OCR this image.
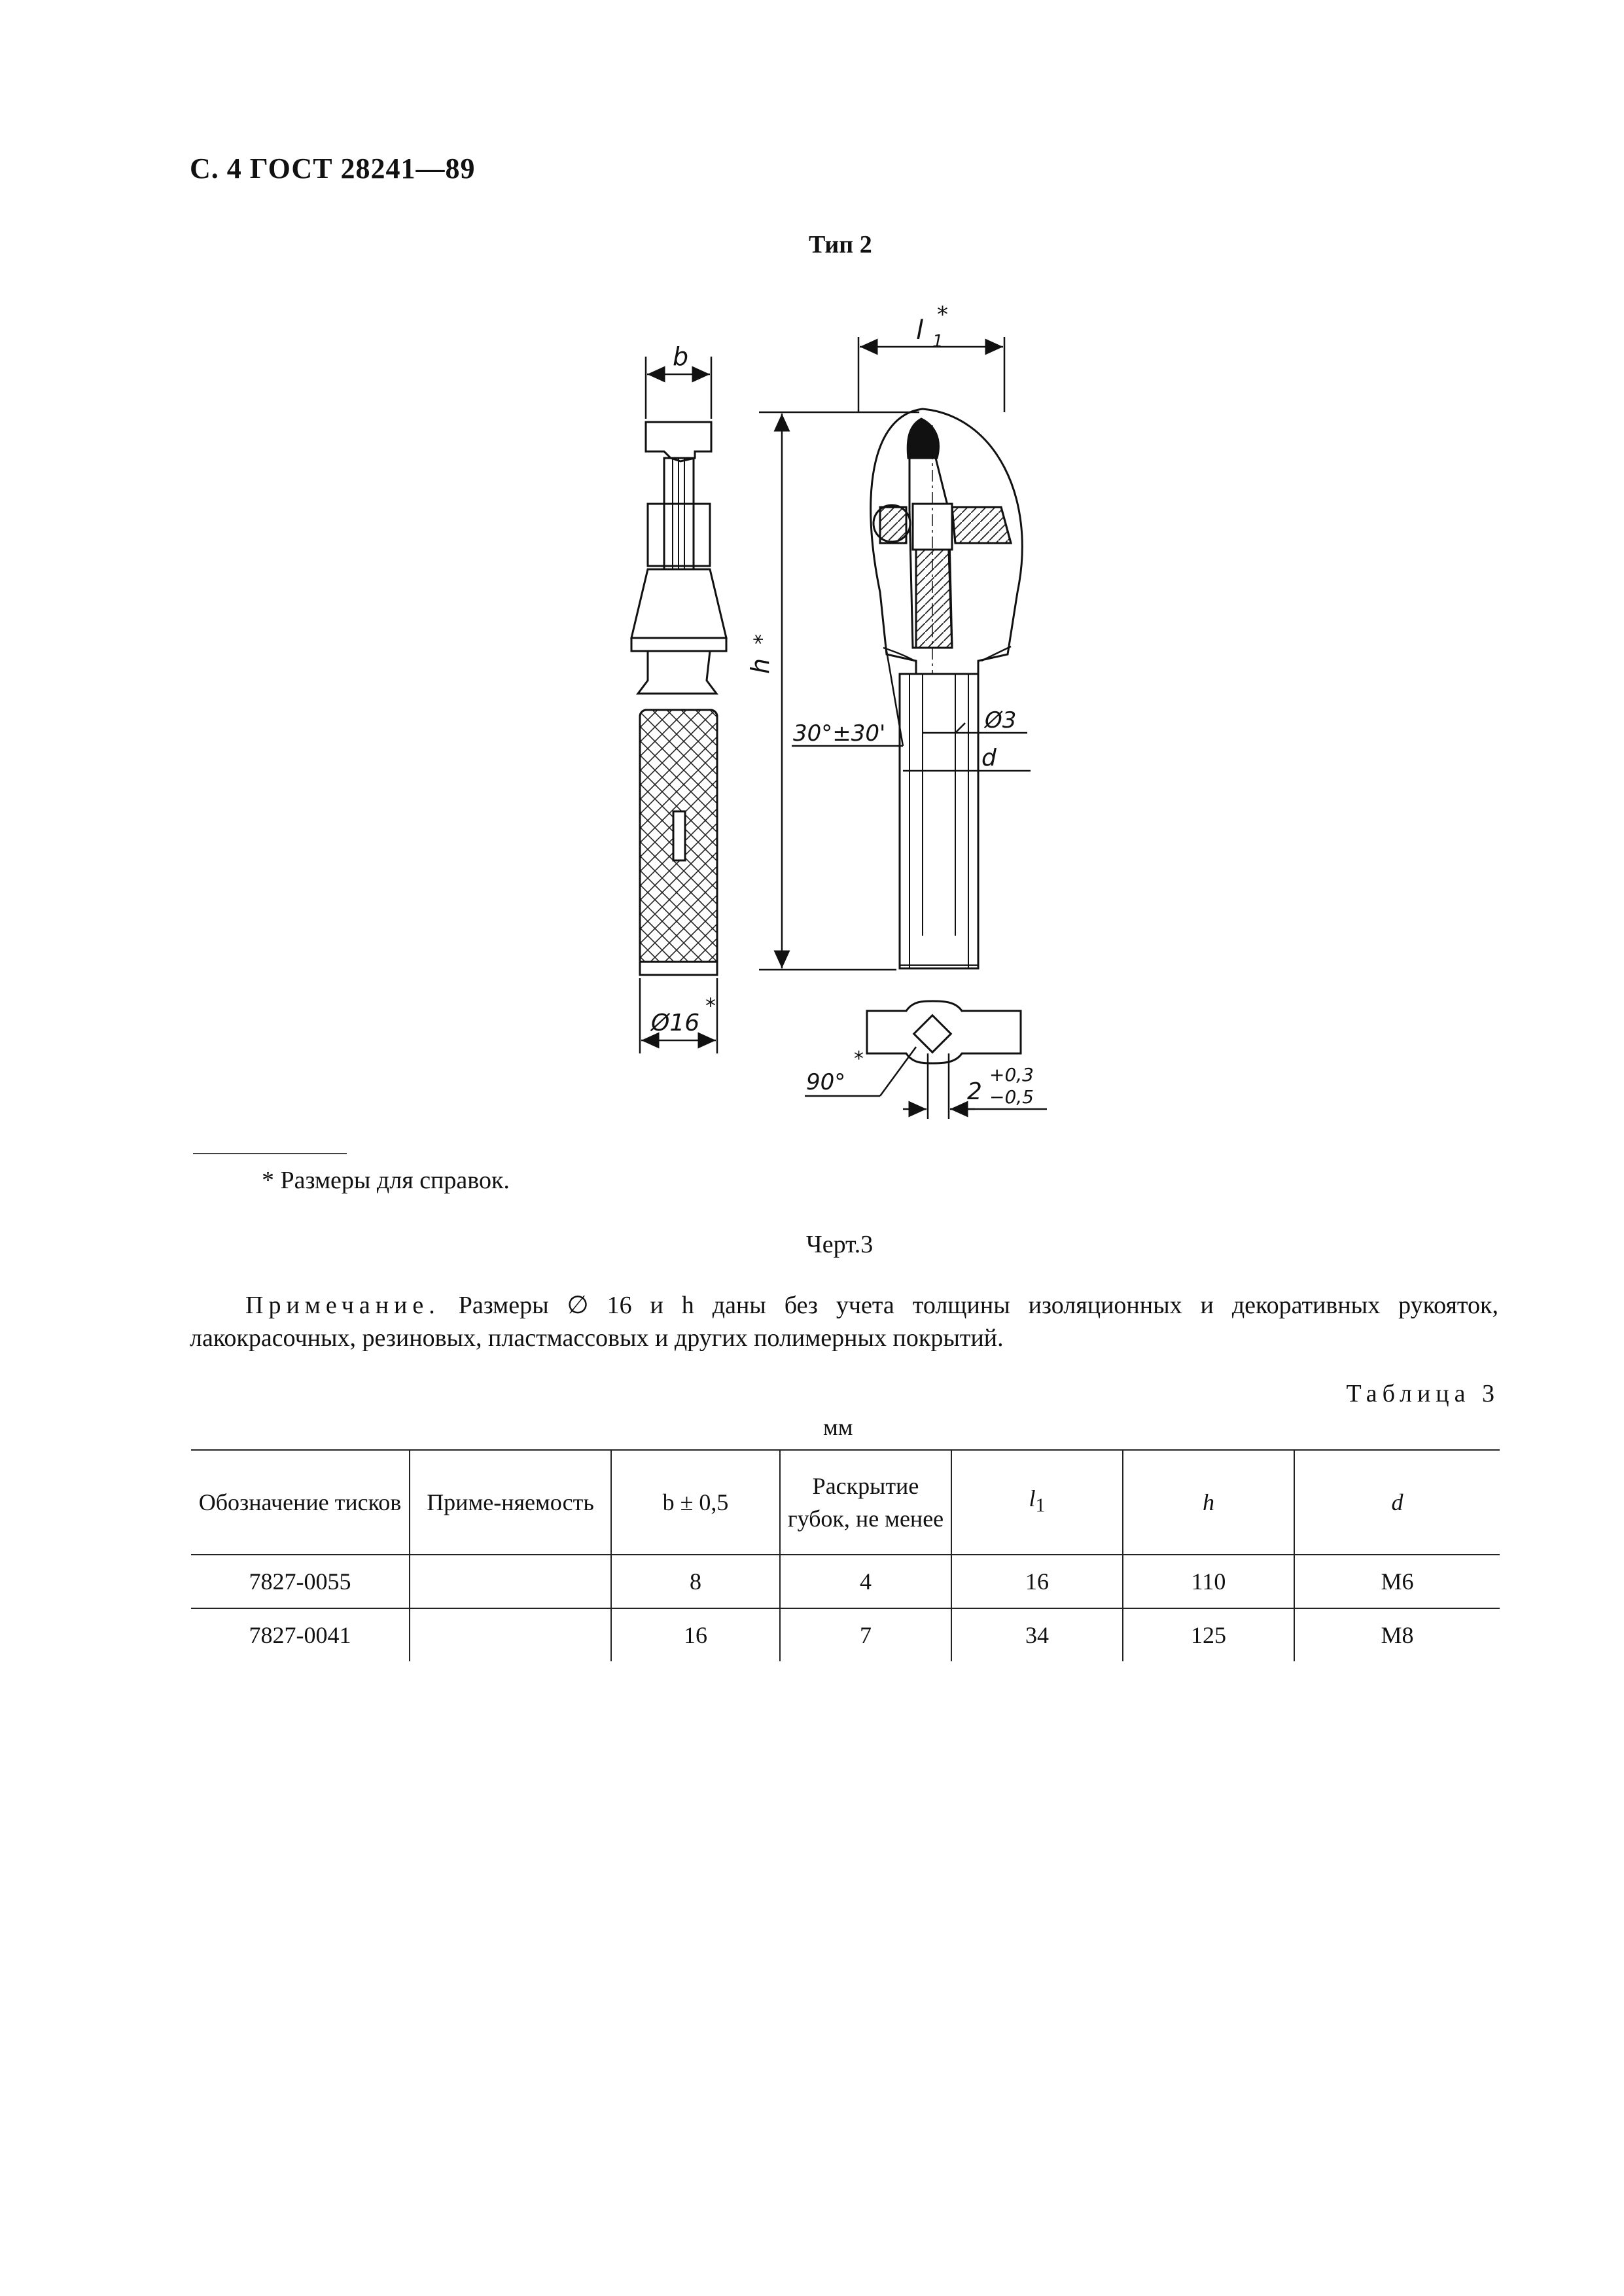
С. 4 ГОСТ 28241—89
Тип 2
b
Ø16
*
l 1
*
h
*
30°±30'	Ø3
d
90°
*
2
+0,3
−0,5
* Размеры для справок.
Черт.3
Примечание. Размеры ∅ 16 и h даны без учета толщины изоляционных и декоративных рукояток, лакокрасочных, резиновых, пластмассовых и других полимерных покрытий.
Таблица 3
мм
Обозначение тисков	Приме-няемость	b ± 0,5	Раскрытие губок, не менее	$l_1$	h	d
7827-0055		8	4	16	110	М6
7827-0041		16	7	34	125	М8
